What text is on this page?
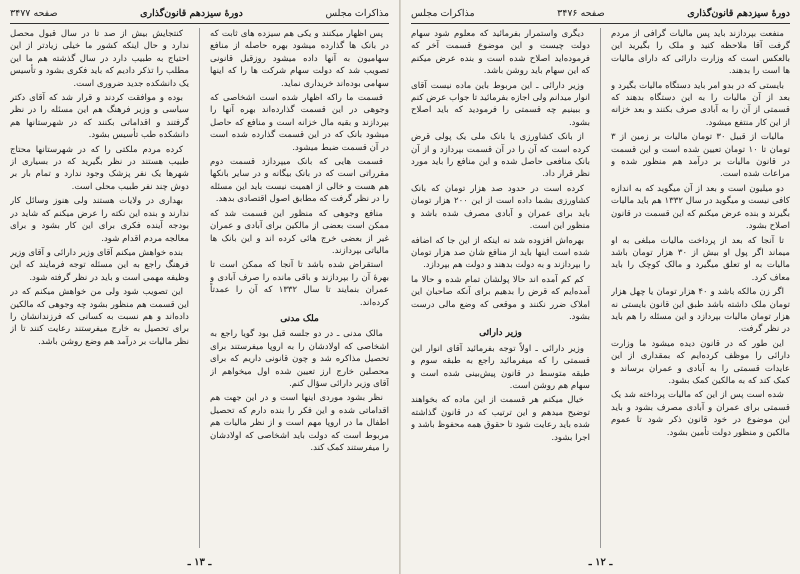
مذاکرات مجلس
دورهٔ سیزدهم قانون‌گذاری
صفحه ۳۴۷۷

پس اظهار میکنند و یکی هم سیزده های ثابت که در بانک ها گذارده میشود بهره حاصله از منافع سهامیون به آنها داده میشود روزقبل قانونی تصویب شد که دولت سهام شرکت ها را که اینها سهامی بوده‌اند خریداری نماید.

قسمت ما راکه اظهار شده است اشخاصی که وجوهی در این قسمت گذارده‌اند بهره آنها را بپردازند و بقیه مال خزانه است و منافع که حاصل میشود بانک که در این قسمت گذارده شده است در آن قسمت ضبط میشود.

قسمت هایی که بانک میپردازد قسمت دوم مقرراتی است که در بانک بیگانه و در سایر بانکها هم هست و خالی از اهمیت نیست باید این مسئله را در نظر گرفت که مطابق اصول اقتصادی بدهد.

منافع وجوهی که منظور این قسمت شد که ممکن است بعضی از مالکین برای آبادی و عمران غیر از بعضی خرج هائی کرده اند و این بانک ها مالیاتی بپردازند.

استقراض شده باشد تا آنجا که ممکن است تا بهرهٔ آن را بپردازند و باقی مانده را صرف آبادی و عمران بنمایند تا سال ۱۳۳۲ که آن را عمدتاً کرده‌اند.

ملک مدنی

مالک مدنی ـ در دو جلسه قبل بود گویا راجع به اشخاصی که اولادشان را به اروپا میفرستند برای تحصیل مذاکره شد و چون قانونی داریم که برای محصلین خارج ارز تعیین شده اول میخواهم از آقای وزیر دارائی سؤال کنم.

نظر بشود موردی اینها است و در این جهت هم اقداماتی شده و این فکر را بنده دارم که تحصیل اطفال ما در اروپا مهم است و از نظر مالیات هم مربوط است که دولت باید اشخاصی که اولادشان را میفرستند کمک کند.

کنتجایش بیش از صد تا در سال قبول محصل ندارد و حال اینکه کشور ما خیلی زیادتر از این احتیاج به طبیب دارد در سال گذشته هم ما این مطلب را تذکر دادیم که باید فکری بشود و تأسیس یک دانشکده جدید ضروری است.

بوده و موافقت کردند و قرار شد که آقای دکتر سیاسی و وزیر فرهنگ هم این مسئله را در نظر گرفتند و اقداماتی بکنند که در شهرستانها هم دانشکده طب تأسیس بشود.

کرده مردم ملکتی را که در شهرستانها محتاج طبیب هستند در نظر بگیرید که در بسیاری از شهرها یک نفر پزشک وجود ندارد و تمام بار بر دوش چند نفر طبیب محلی است.

بهداری در ولایات هستند ولی هنوز وسائل کار ندارند و بنده این نکته را عرض میکنم که شاید در بودجه آینده فکری برای این کار بشود و برای معالجه مردم اقدام شود.

بنده خواهش میکنم آقای وزیر دارائی و آقای وزیر فرهنگ راجع به این مسئله توجه فرمایند که این وظیفه مهمی است و باید در نظر گرفته شود.

این تصویب شود ولی من خواهش میکنم که در این قسمت هم منظور بشود چه وجوهی که مالکین داده‌اند و هم نسبت به کسانی که فرزندانشان را برای تحصیل به خارج میفرستند رعایت کنند تا از نظر مالیات بر درآمد هم وضع روشن باشد.

ـ ۱۳ ـ
دورهٔ سیزدهم قانون‌گذاری
صفحه ۳۴۷۶
مذاکرات مجلس

منفعت بپردازند باید پس مالیات گرافی از مردم گرفت آقا ملاحظه کنید و ملک را بگیرید این بالعکس است که وزارت دارائی که دارای مالیات ها است را بدهند.

بایستی که در بدو امر باید دستگاه مالیات بگیرد و بعد از آن مالیات را به این دستگاه بدهند که قسمتی از آن را به آبادی صرف بکنند و بعد خزانه از این کار منتفع میشود.

مالیات از قبیل ۳۰ تومان مالیات بر زمین از ۳ تومان تا ۱۰ تومان تعیین شده است و این قسمت در قانون مالیات بر درآمد هم منظور شده و مراعات شده است.

دو میلیون است و بعد از آن میگوید که به اندازه کافی نیست و میگوید در سال ۱۳۳۲ هم باید مالیات بگیرند و بنده عرض میکنم که این قسمت در قانون اصلاح بشود.

تا آنجا که بعد از پرداخت مالیات مبلغی به او میماند اگر پول او بیش از ۳۰ هزار تومان باشد مالیات به او تعلق میگیرد و مالک کوچک را باید معاف کرد.

اگر زن مالکه باشد و ۴۰ هزار تومان یا چهل هزار تومان ملک داشته باشد طبق این قانون بایستی نه هزار تومان مالیات بپردازد و این مسئله را هم باید در نظر گرفت.

این طور که در قانون دیده میشود ما وزارت دارائی را موظف کرده‌ایم که بمقداری از این عایدات قسمتی را به آبادی و عمران برساند و کمک کند که به مالکین کمک بشود.

شده است پس از این که مالیات پرداخته شد یک قسمتی برای عمران و آبادی مصرف بشود و باید این موضوع در خود قانون ذکر شود تا عموم مالکین و منظور دولت تأمین بشود.

دیگری واستمرار بفرمائید که معلوم شود سهام دولت چیست و این موضوع قسمت آخر که فرموده‌اید اصلاح شده است و بنده عرض میکنم که این سهام باید روشن باشد.

وزیر دارائی ـ این مربوط باین ماده نیست آقای انوار میدانم ولی اجازه بفرمائید تا جواب عرض کنم و ببینیم چه قسمتی را فرمودید که باید اصلاح بشود.

از بانک کشاورزی یا بانک ملی یک پولی قرض کرده است که آن را در آن قسمت بپردازد و از آن بانک منافعی حاصل شده و این منافع را باید مورد نظر قرار داد.

کرده است در حدود صد هزار تومان که بانک کشاورزی بشما داده است از این ۲۰۰ هزار تومان باید برای عمران و آبادی مصرف شده باشد و منظور این است.

بهره‌اش افزوده شد نه اینکه از این جا که اضافه شده است اینها باید از منافع شان صد هزار تومان را بپردازند و به دولت بدهند و دولت هم بپردازد.

کم کم آمده اند حالا پولشان تمام شده و حالا ما آمده‌ایم که قرض را بدهیم برای آنکه صاحبان این املاک ضرر نکنند و موقعی که وضع مالی درست بشود.

وزیر دارائی

وزیر دارائی ـ اولاً توجه بفرمائید آقای انوار این قسمتی را که میفرمائید راجع به طبقه سوم و طبقه متوسط در قانون پیش‌بینی شده است و سهام هم روشن است.

خیال میکنم هر قسمت از این ماده که بخواهند توضیح میدهم و این ترتیب که در قانون گذاشته شده باید رعایت شود تا حقوق همه محفوظ باشد و اجرا بشود.

ـ ۱۲ ـ
